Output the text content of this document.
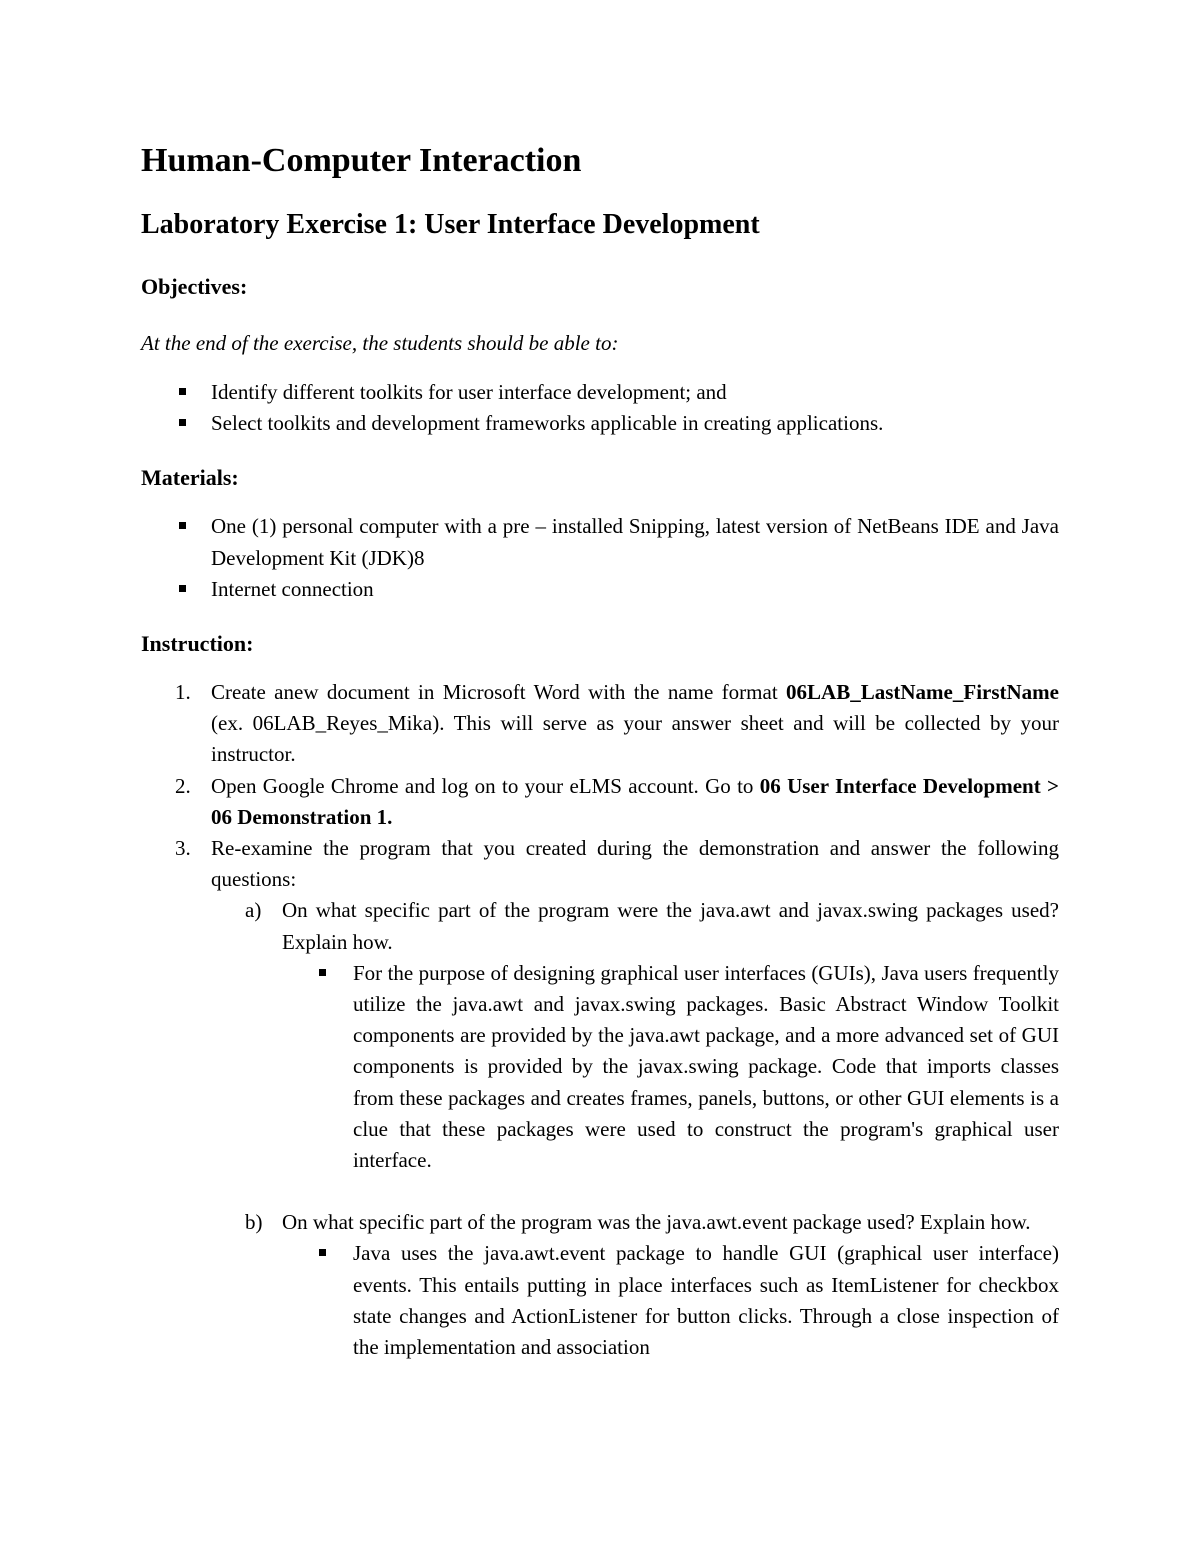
Human-Computer Interaction
Laboratory Exercise 1: User Interface Development
Objectives:

At the end of the exercise, the students should be able to:

Identify different toolkits for user interface development; and
Select toolkits and development frameworks applicable in creating applications.
Materials:
One (1) personal computer with a pre – installed Snipping, latest version of NetBeans IDE and Java Development Kit (JDK)8
Internet connection
Instruction:
1. Create anew document in Microsoft Word with the name format 06LAB_LastName_FirstName (ex. 06LAB_Reyes_Mika). This will serve as your answer sheet and will be collected by your instructor.
2. Open Google Chrome and log on to your eLMS account. Go to 06 User Interface Development > 06 Demonstration 1.
3. Re-examine the program that you created during the demonstration and answer the following questions:
a) On what specific part of the program were the java.awt and javax.swing packages used? Explain how.
For the purpose of designing graphical user interfaces (GUIs), Java users frequently utilize the java.awt and javax.swing packages. Basic Abstract Window Toolkit components are provided by the java.awt package, and a more advanced set of GUI components is provided by the javax.swing package. Code that imports classes from these packages and creates frames, panels, buttons, or other GUI elements is a clue that these packages were used to construct the program's graphical user interface.
b) On what specific part of the program was the java.awt.event package used? Explain how.
Java uses the java.awt.event package to handle GUI (graphical user interface) events. This entails putting in place interfaces such as ItemListener for checkbox state changes and ActionListener for button clicks. Through a close inspection of the implementation and association
